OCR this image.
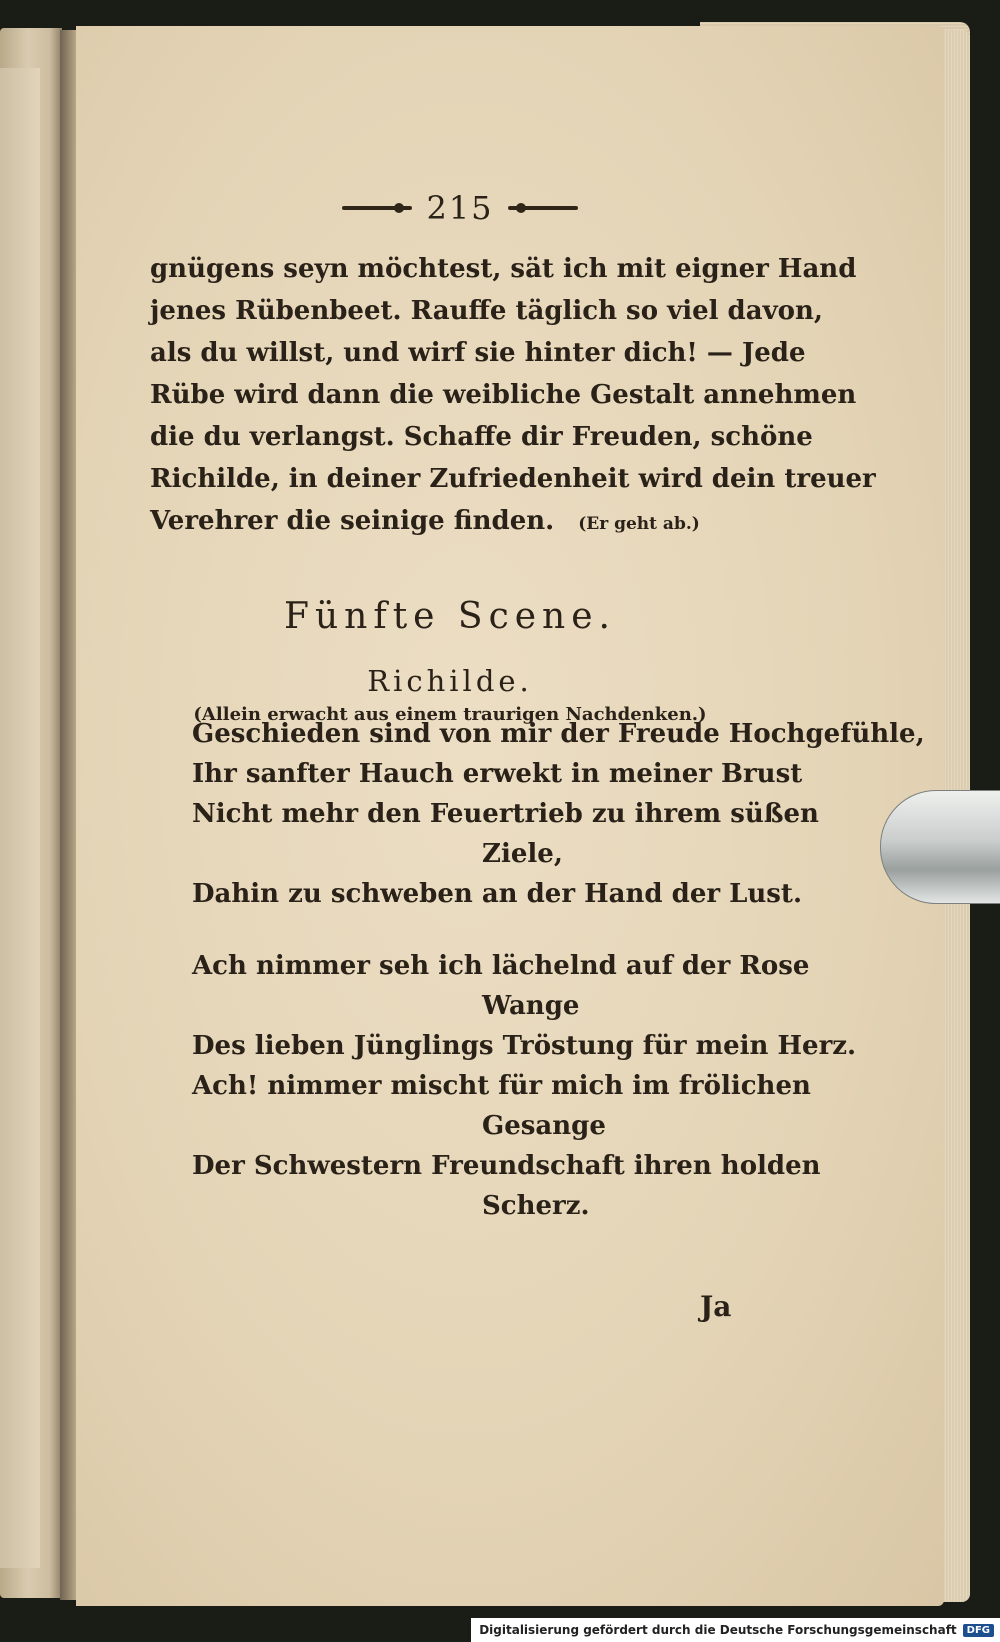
215
gnügens seyn möchtest, sät ich mit eigner Hand
jenes Rübenbeet. Rauffe täglich so viel davon,
als du willst, und wirf sie hinter dich! — Jede
Rübe wird dann die weibliche Gestalt annehmen
die du verlangst. Schaffe dir Freuden, schöne
Richilde, in deiner Zufriedenheit wird dein treuer
Verehrer die seinige finden. (Er geht ab.)
Fünfte Scene.
Richilde.
(Allein erwacht aus einem traurigen Nachdenken.)
Geschieden sind von mir der Freude Hochgefühle,
Ihr sanfter Hauch erwekt in meiner Brust
Nicht mehr den Feuertrieb zu ihrem süßen
Ziele,
Dahin zu schweben an der Hand der Lust.
Ach nimmer seh ich lächelnd auf der Rose
Wange
Des lieben Jünglings Tröstung für mein Herz.
Ach! nimmer mischt für mich im frölichen
Gesange
Der Schwestern Freundschaft ihren holden
Scherz.
Ja
Digitalisierung gefördert durch die Deutsche Forschungsgemeinschaft	DFG
